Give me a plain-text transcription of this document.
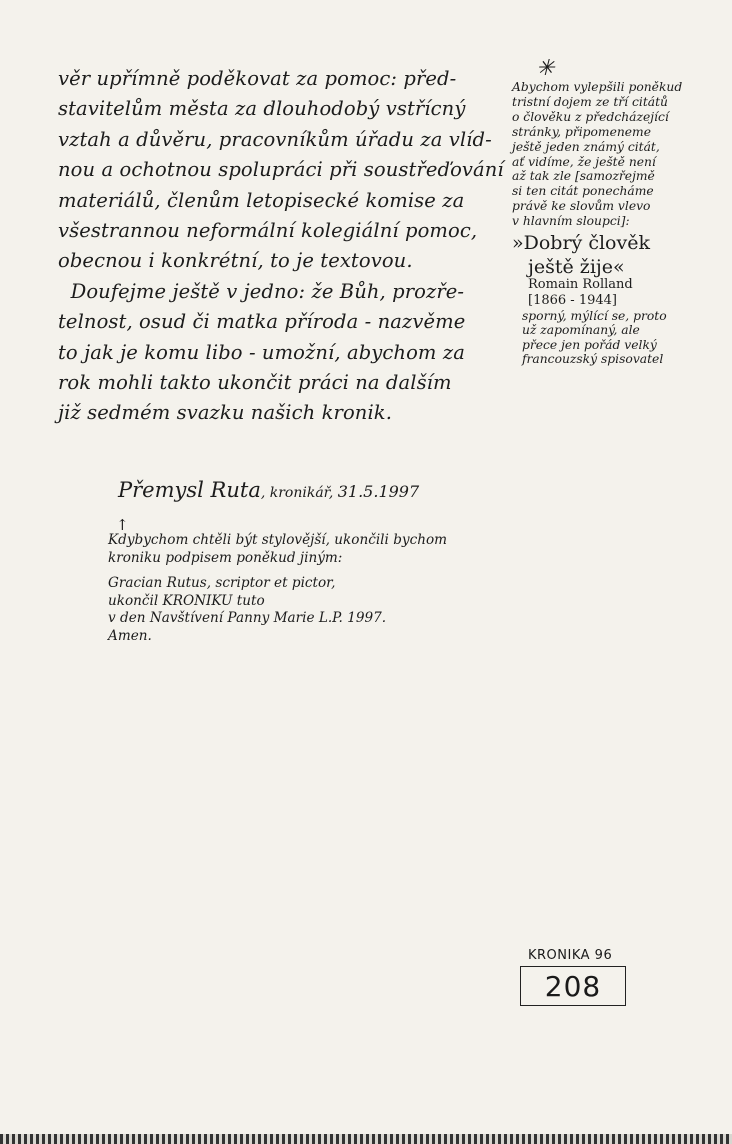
věr upřímně poděkovat za pomoc: před-
stavitelům města za dlouhodobý vstřícný
vztah a důvěru, pracovníkům úřadu za vlíd-
nou a ochotnou spolupráci při soustřeďování
materiálů, členům letopisecké komise za
všestrannou neformální kolegiální pomoc,
obecnou i konkrétní, to je textovou.
Doufejme ještě v jedno: že Bůh, prozře-
telnost, osud či matka příroda - nazvěme
to jak je komu libo - umožní, abychom za
rok mohli takto ukončit práci na dalším
již sedmém svazku našich kronik.
Přemysl Ruta, kronikář, 31.5.1997
↑
Kdybychom chtěli být stylovější, ukončili bychom
kroniku podpisem poněkud jiným:
Gracian Rutus, scriptor et pictor,
ukončil KRONIKU tuto
v den Navštívení Panny Marie L.P. 1997.
Amen.
✳
Abychom vylepšili poněkud
tristní dojem ze tří citátů
o člověku z předcházející
stránky, připomeneme
ještě jeden známý citát,
ať vidíme, že ještě není
až tak zle [samozřejmě
si ten citát ponecháme
právě ke slovům vlevo
v hlavním sloupci]:
»Dobrý člověk
ještě žije«
Romain Rolland
[1866 - 1944]
sporný, mýlící se, proto
už zapomínaný, ale
přece jen pořád velký
francouzský spisovatel
KRONIKA 96
208
